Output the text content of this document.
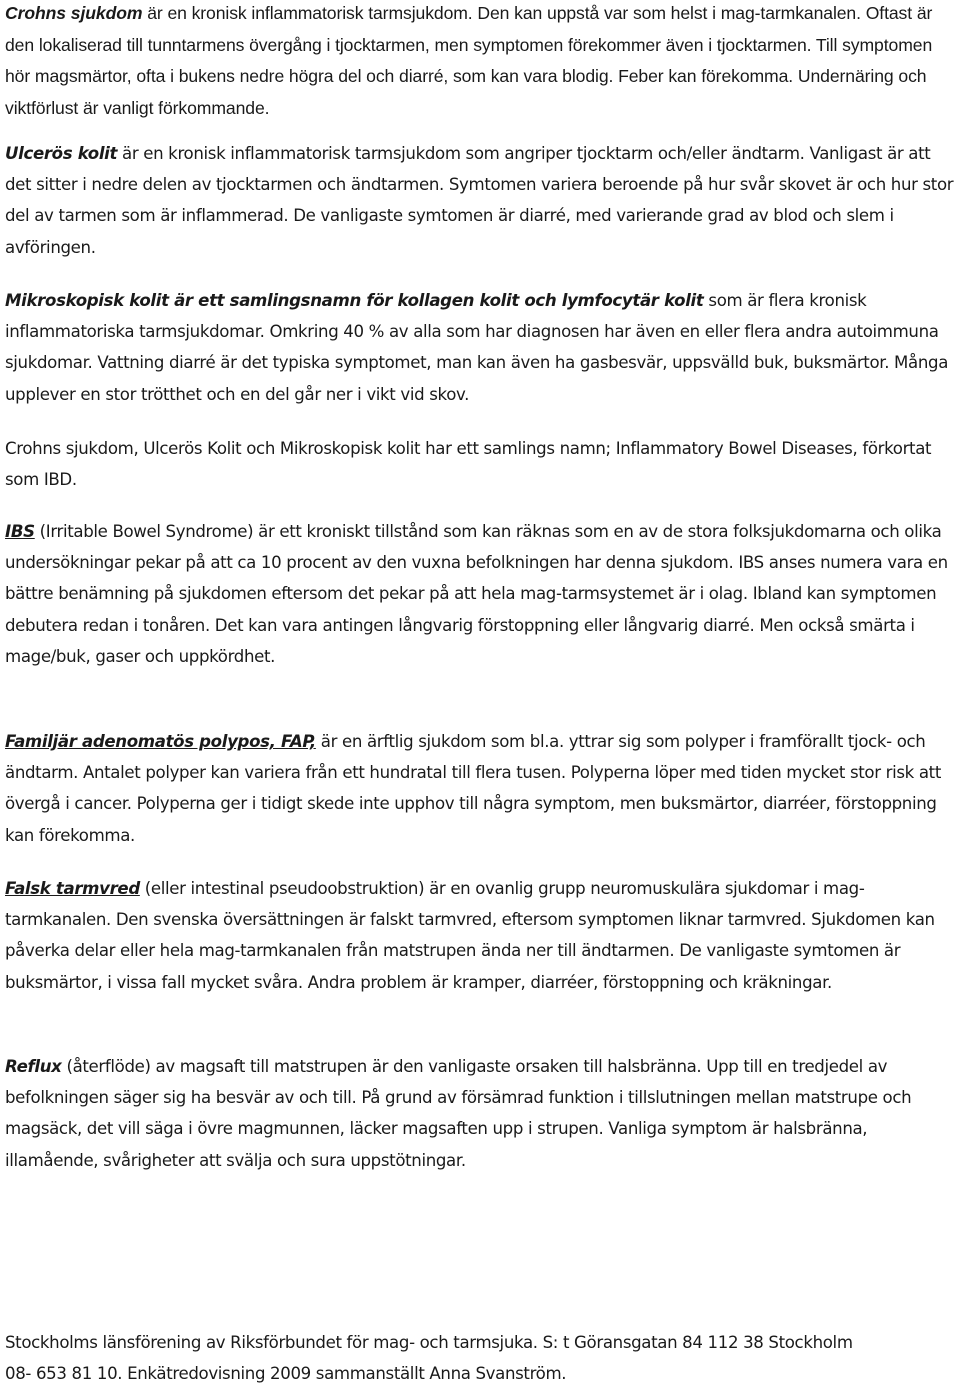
Crohns sjukdom är en kronisk inflammatorisk tarmsjukdom. Den kan uppstå var som helst i mag-tarmkanalen. Oftast är den lokaliserad till tunntarmens övergång i tjocktarmen, men symptomen förekommer även i tjocktarmen. Till symptomen hör magsmärtor, ofta i bukens nedre högra del och diarré, som kan vara blodig. Feber kan förekomma. Undernäring och viktförlust är vanligt förkommande.

Ulcerös kolit är en kronisk inflammatorisk tarmsjukdom som angriper tjocktarm och/eller ändtarm. Vanligast är att det sitter i nedre delen av tjocktarmen och ändtarmen. Symtomen variera beroende på hur svår skovet är och hur stor del av tarmen som är inflammerad. De vanligaste symtomen är diarré, med varierande grad av blod och slem i avföringen.

Mikroskopisk kolit är ett samlingsnamn för kollagen kolit och lymfocytär kolit som är flera kronisk inflammatoriska tarmsjukdomar. Omkring 40 % av alla som har diagnosen har även en eller flera andra autoimmuna sjukdomar. Vattning diarré är det typiska symptomet, man kan även ha gasbesvär, uppsvälld buk, buksmärtor. Många upplever en stor trötthet och en del går ner i vikt vid skov.

Crohns sjukdom, Ulcerös Kolit och Mikroskopisk kolit har ett samlings namn; Inflammatory Bowel Diseases, förkortat som IBD.

IBS (Irritable Bowel Syndrome) är ett kroniskt tillstånd som kan räknas som en av de stora folksjukdomarna och olika undersökningar pekar på att ca 10 procent av den vuxna befolkningen har denna sjukdom. IBS anses numera vara en bättre benämning på sjukdomen eftersom det pekar på att hela mag-tarmsystemet är i olag. Ibland kan symptomen debutera redan i tonåren. Det kan vara antingen långvarig förstoppning eller långvarig diarré. Men också smärta i mage/buk, gaser och uppkördhet.

Familjär adenomatös polypos, FAP, är en ärftlig sjukdom som bl.a. yttrar sig som polyper i framförallt tjock- och ändtarm. Antalet polyper kan variera från ett hundratal till flera tusen. Polyperna löper med tiden mycket stor risk att övergå i cancer. Polyperna ger i tidigt skede inte upphov till några symptom, men buksmärtor, diarréer, förstoppning kan förekomma.

Falsk tarmvred (eller intestinal pseudoobstruktion) är en ovanlig grupp neuromuskulära sjukdomar i mag-tarmkanalen. Den svenska översättningen är falskt tarmvred, eftersom symptomen liknar tarmvred. Sjukdomen kan påverka delar eller hela mag-tarmkanalen från matstrupen ända ner till ändtarmen. De vanligaste symtomen är buksmärtor, i vissa fall mycket svåra. Andra problem är kramper, diarréer, förstoppning och kräkningar.

Reflux (återflöde) av magsaft till matstrupen är den vanligaste orsaken till halsbränna. Upp till en tredjedel av befolkningen säger sig ha besvär av och till. På grund av försämrad funktion i tillslutningen mellan matstrupe och magsäck, det vill säga i övre magmunnen, läcker magsaften upp i strupen. Vanliga symptom är halsbränna, illamående, svårigheter att svälja och sura uppstötningar.

Stockholms länsförening av Riksförbundet för mag- och tarmsjuka. S: t Göransgatan 84 112 38 Stockholm
08- 653 81 10. Enkätredovisning 2009 sammanställt Anna Svanström.
